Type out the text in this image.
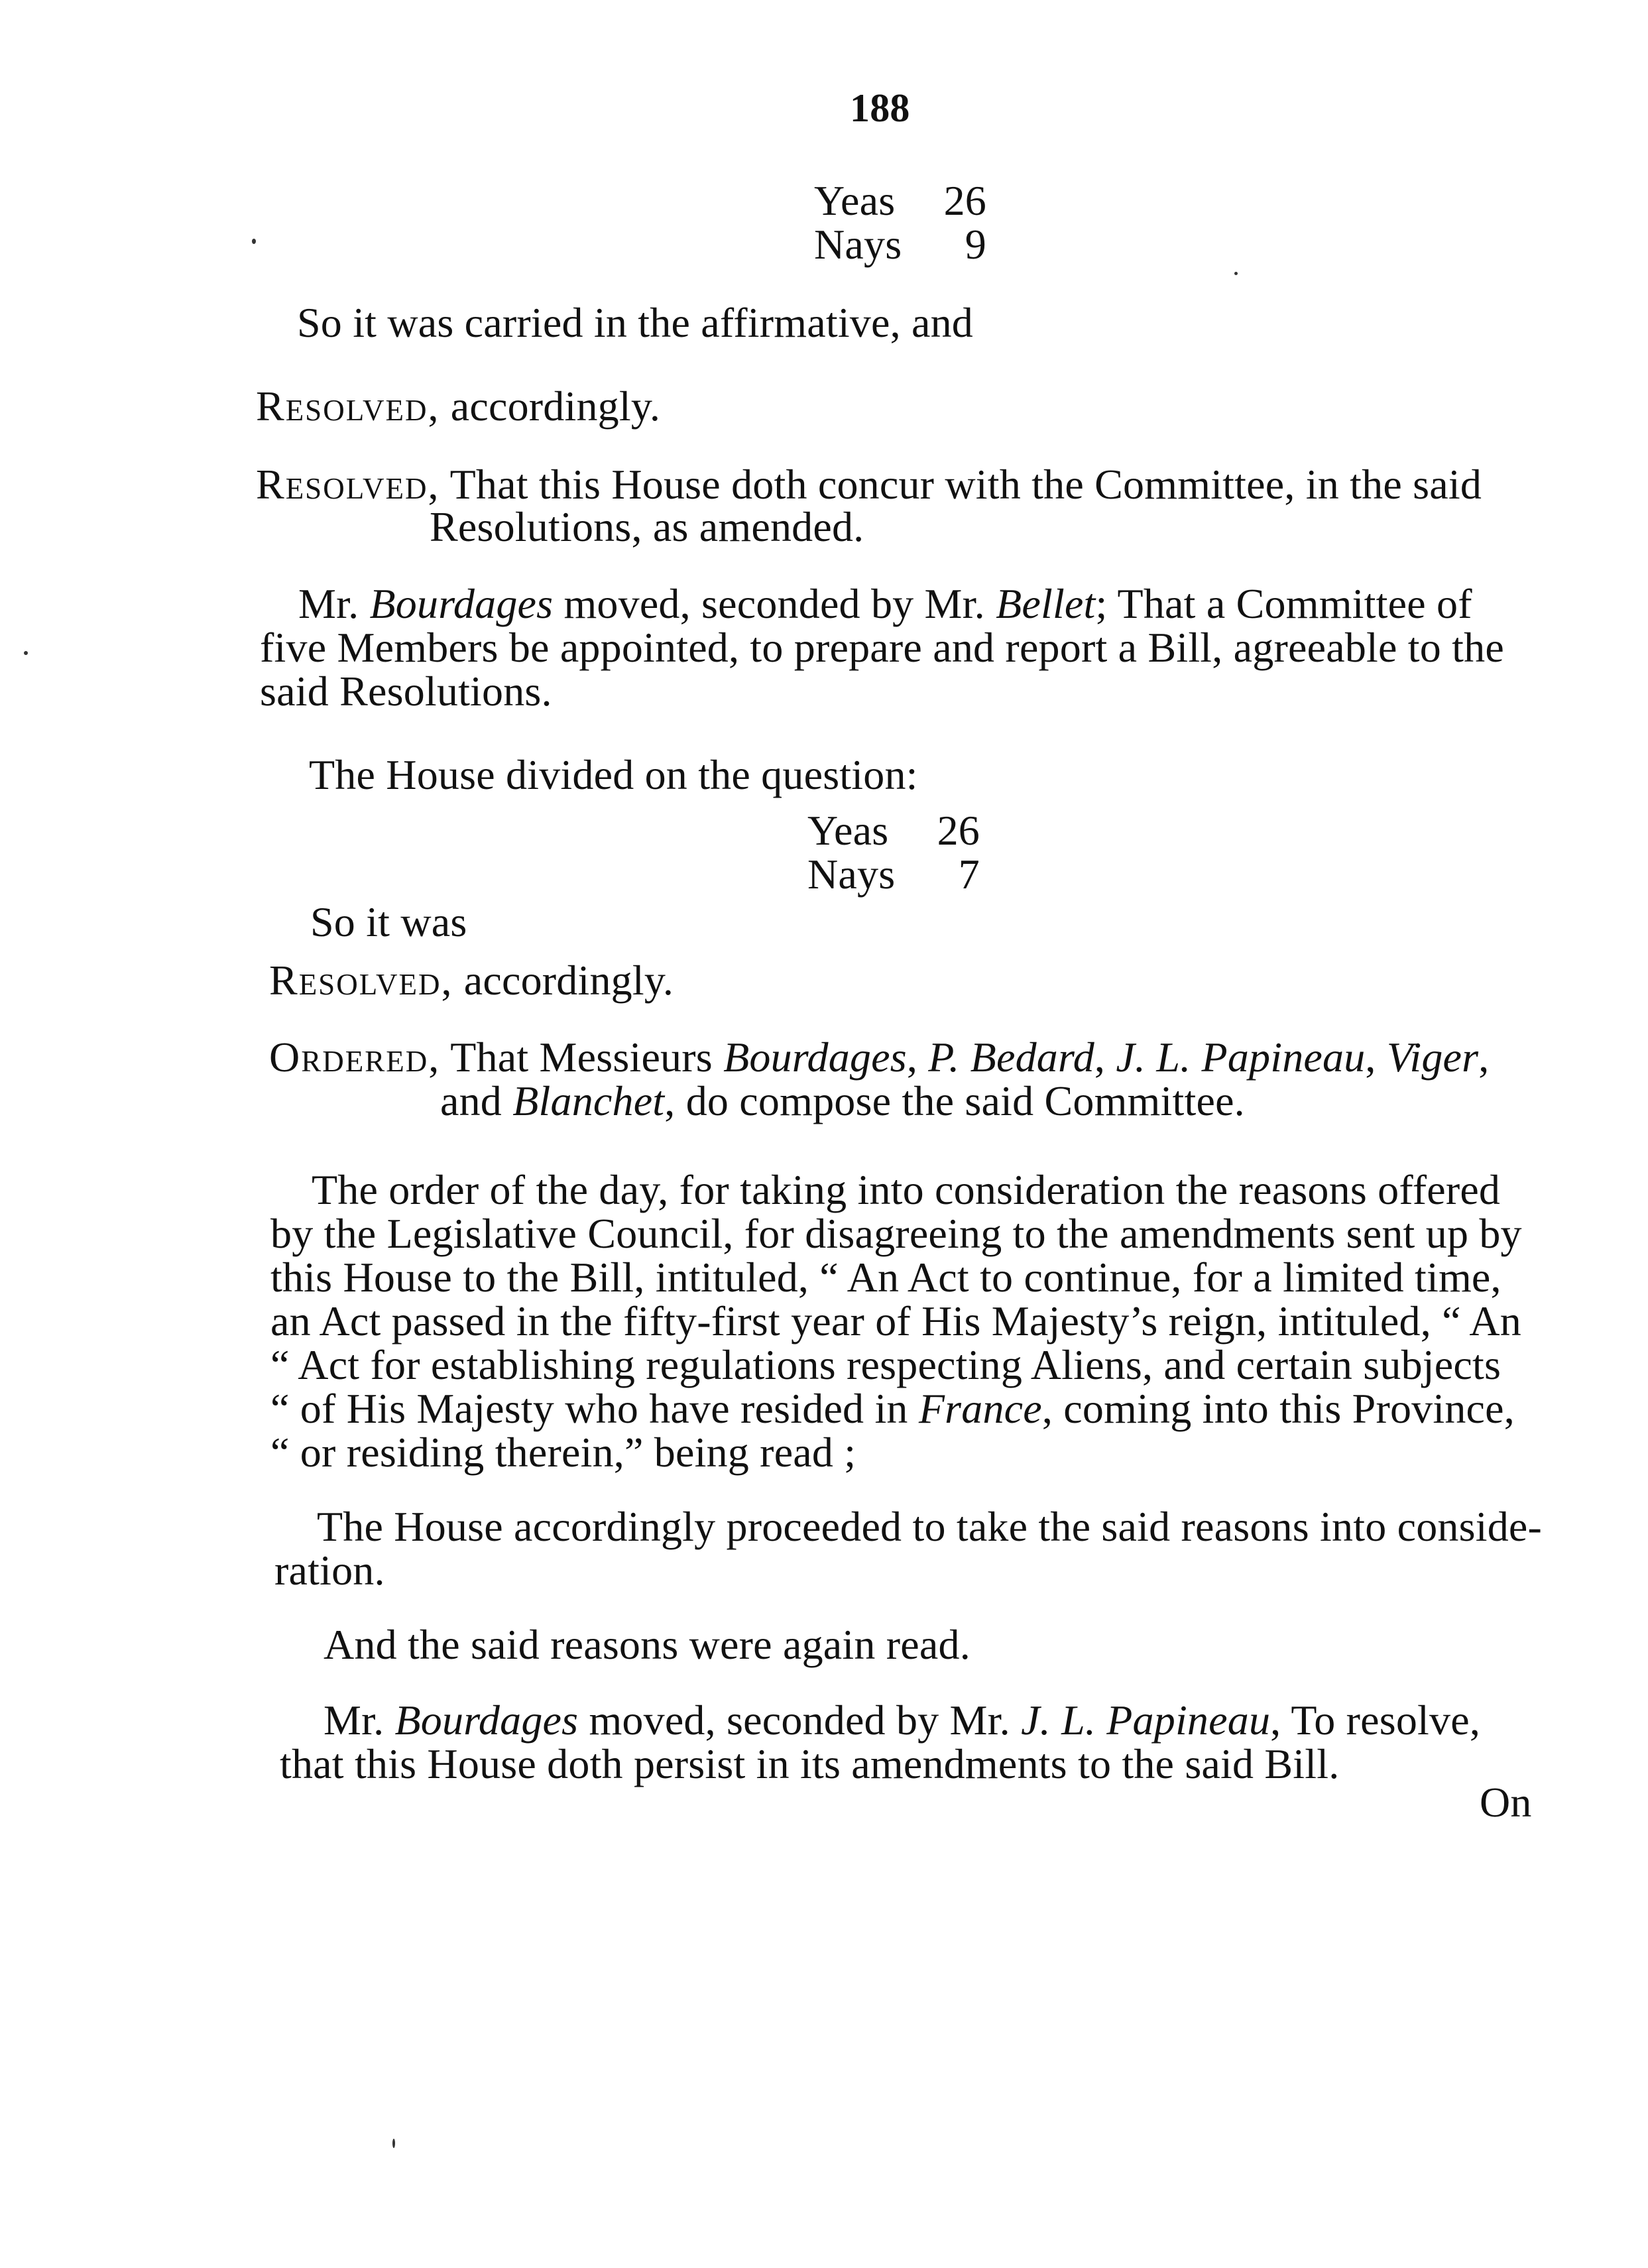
188
Yeas 26
Nays 9
So it was carried in the affirmative, and
Resolved, accordingly.
Resolved, That this House doth concur with the Committee, in the said
Resolutions, as amended.
Mr. Bourdages moved, seconded by Mr. Bellet; That a Committee of
five Members be appointed, to prepare and report a Bill, agreeable to the
said Resolutions.
The House divided on the question:
Yeas 26
Nays 7
So it was
Resolved, accordingly.
Ordered, That Messieurs Bourdages, P. Bedard, J. L. Papineau, Viger,
and Blanchet, do compose the said Committee.
The order of the day, for taking into consideration the reasons offered
by the Legislative Council, for disagreeing to the amendments sent up by
this House to the Bill, intituled, “ An Act to continue, for a limited time,
an Act passed in the fifty-first year of His Majesty’s reign, intituled, “ An
“ Act for establishing regulations respecting Aliens, and certain subjects
“ of His Majesty who have resided in France, coming into this Province,
“ or residing therein,” being read ;
The House accordingly proceeded to take the said reasons into conside-
ration.
And the said reasons were again read.
Mr. Bourdages moved, seconded by Mr. J. L. Papineau, To resolve,
that this House doth persist in its amendments to the said Bill.
On
